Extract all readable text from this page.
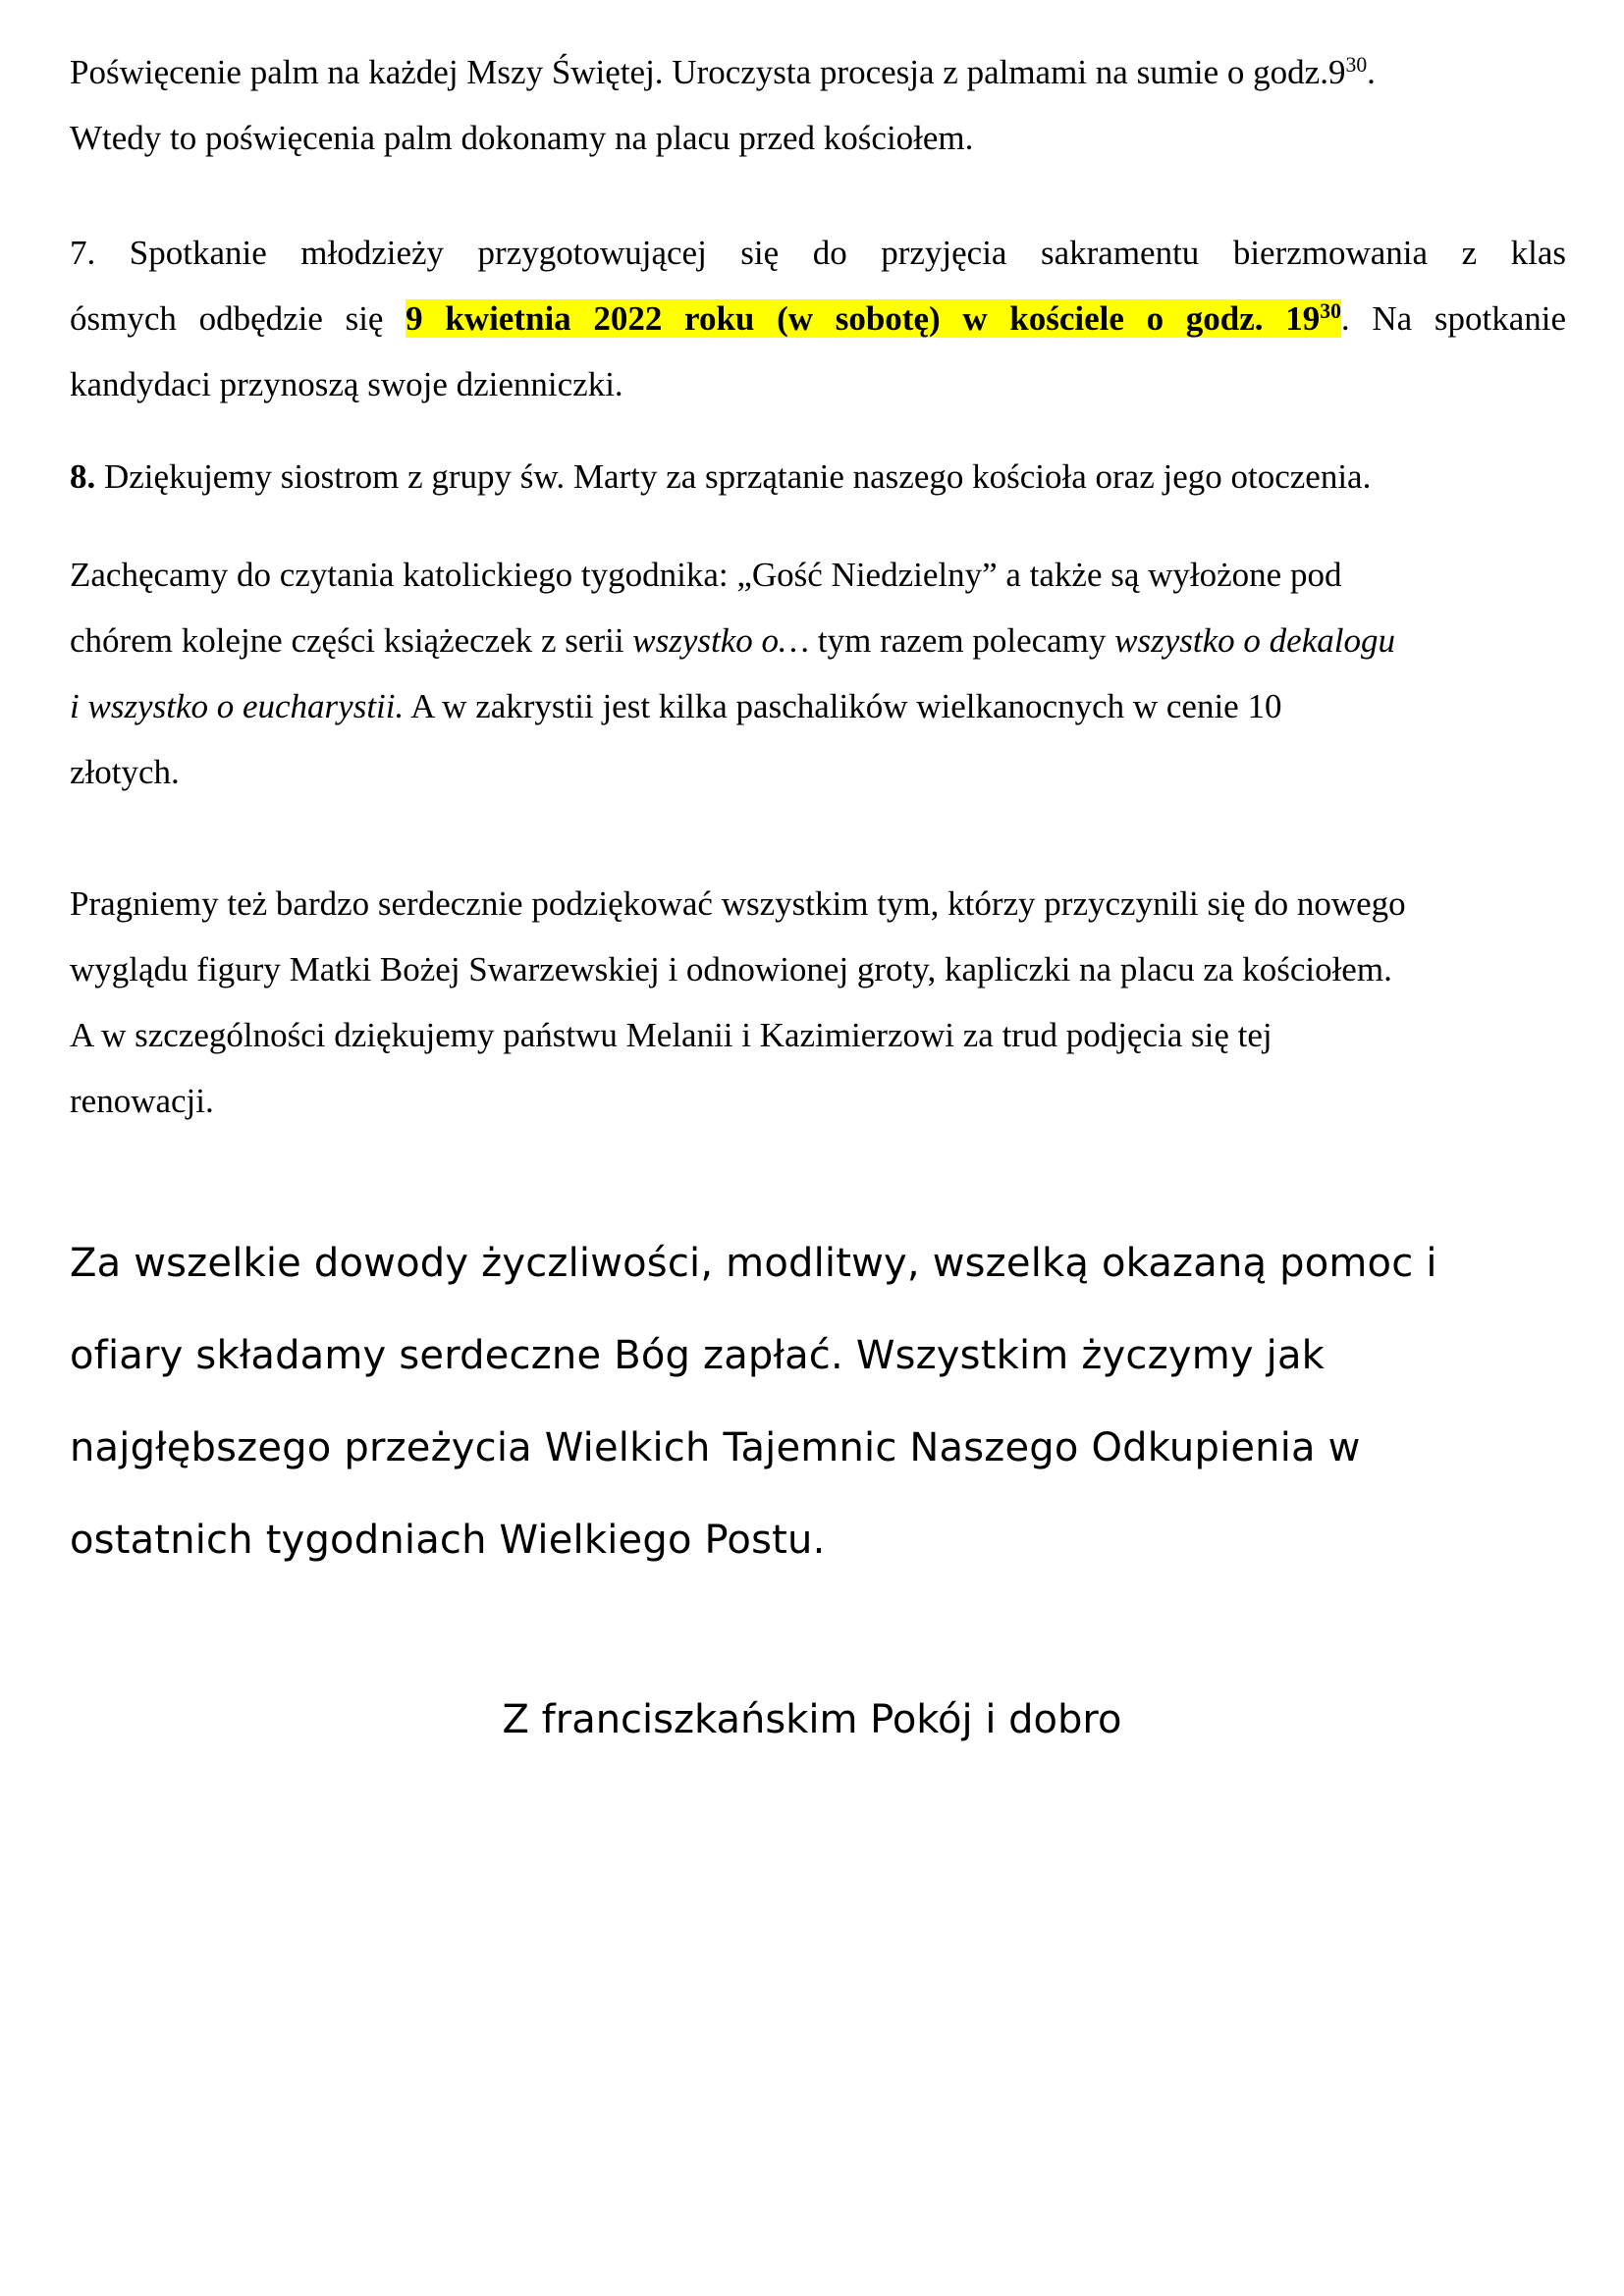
Poświęcenie palm na każdej Mszy Świętej. Uroczysta procesja z palmami na sumie o $godz.9^{30}$.
Wtedy to poświęcenia palm dokonamy na placu przed kościołem.
7. Spotkanie młodzieży przygotowującej się do przyjęcia sakramentu bierzmowania z klas
ósmych odbędzie się 9 kwietnia 2022 roku (w sobotę) w kościele o godz. $19^{30}$. Na spotkanie
kandydaci przynoszą swoje dzienniczki.
8. Dziękujemy siostrom z grupy św. Marty za sprzątanie naszego kościoła oraz jego otoczenia.
Zachęcamy do czytania katolickiego tygodnika: „Gość Niedzielny” a także są wyłożone pod
chórem kolejne części książeczek z serii wszystko o… tym razem polecamy wszystko o dekalogu
i wszystko o eucharystii. A w zakrystii jest kilka paschalików wielkanocnych w cenie 10
złotych.
Pragniemy też bardzo serdecznie podziękować wszystkim tym, którzy przyczynili się do nowego
wyglądu figury Matki Bożej Swarzewskiej i odnowionej groty, kapliczki na placu za kościołem.
A w szczególności dziękujemy państwu Melanii i Kazimierzowi za trud podjęcia się tej
renowacji.
Za wszelkie dowody życzliwości, modlitwy, wszelką okazaną pomoc i
ofiary składamy serdeczne Bóg zapłać. Wszystkim życzymy jak
najgłębszego przeżycia Wielkich Tajemnic Naszego Odkupienia w
ostatnich tygodniach Wielkiego Postu.
Z franciszkańskim Pokój i dobro
